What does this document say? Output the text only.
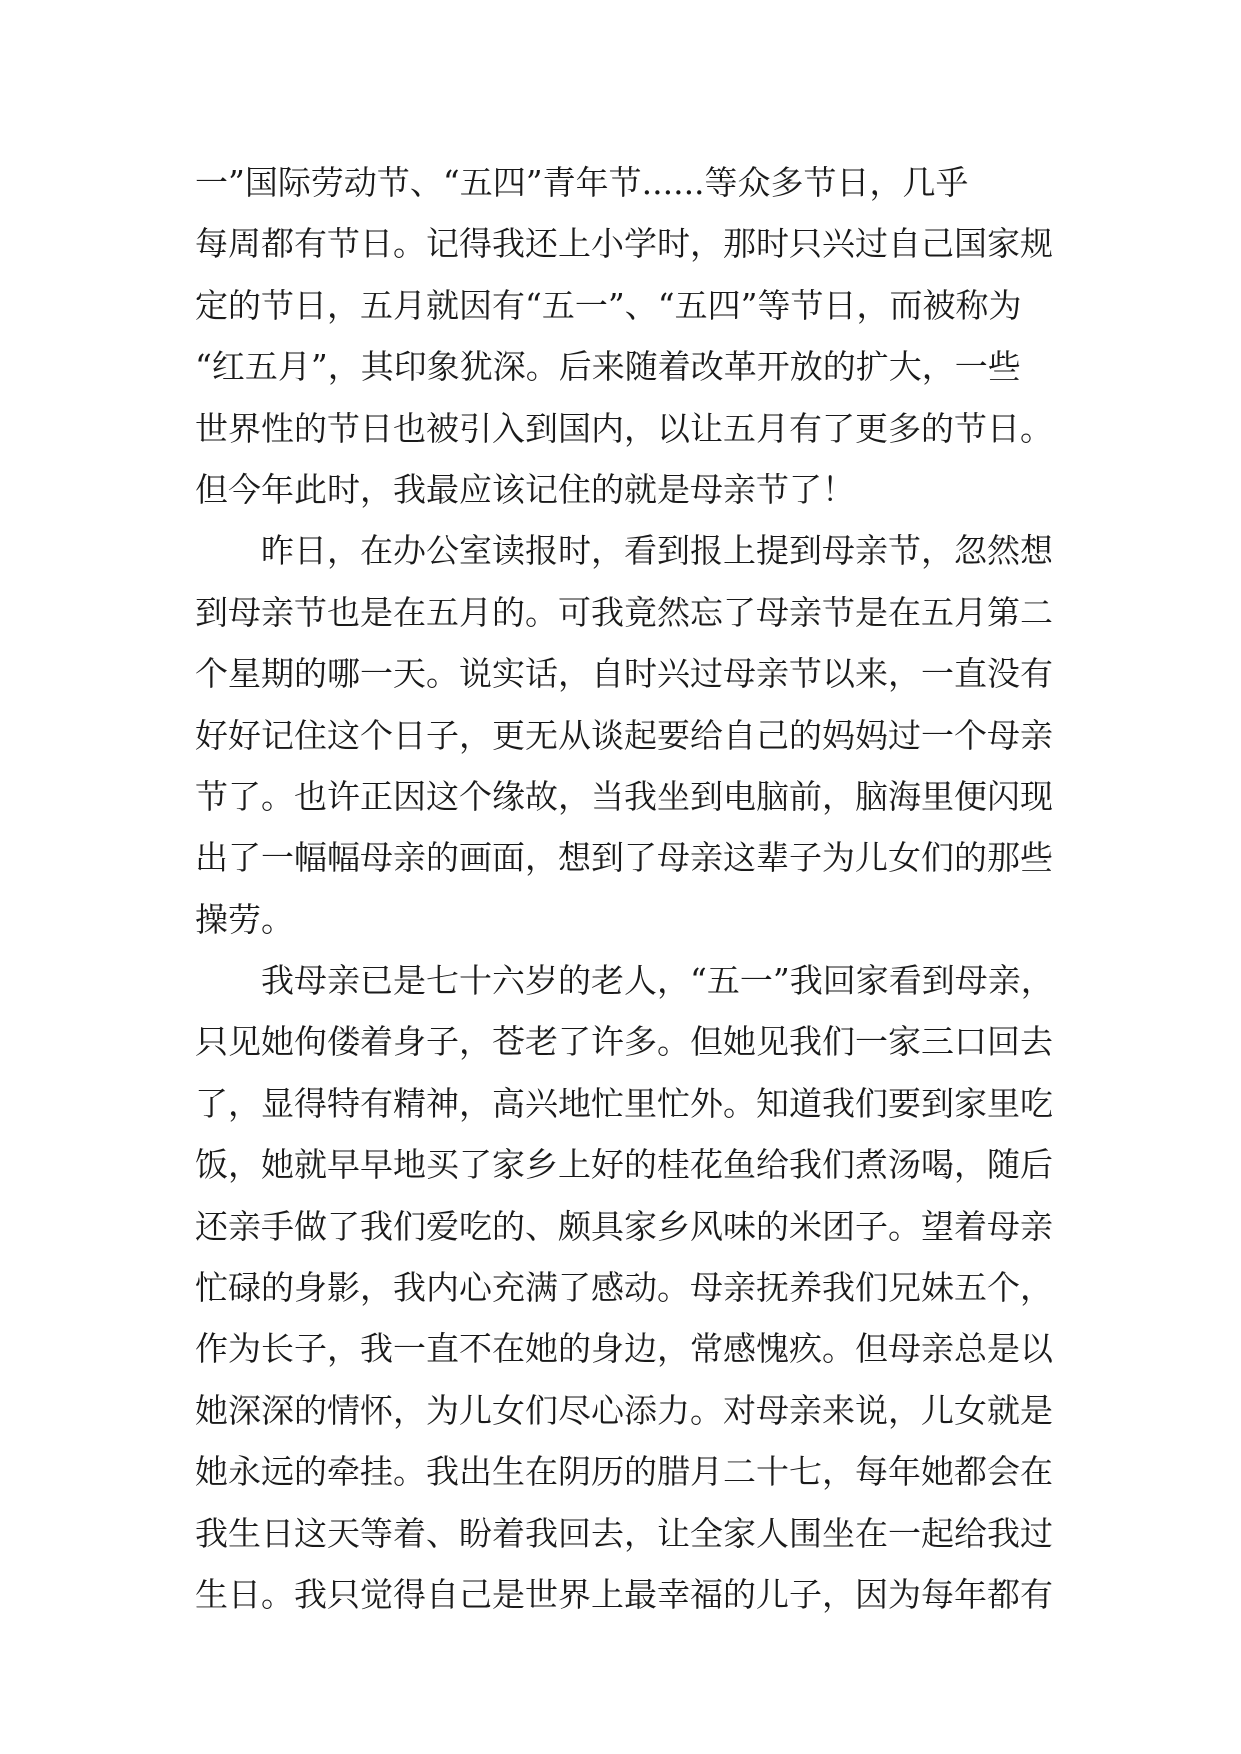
一”国际劳动节、“五四”青年节......等众多节日，几乎
每周都有节日。记得我还上小学时，那时只兴过自己国家规
定的节日，五月就因有“五一”、“五四”等节日，而被称为
“红五月”，其印象犹深。后来随着改革开放的扩大，一些
世界性的节日也被引入到国内，以让五月有了更多的节日。
但今年此时，我最应该记住的就是母亲节了！
昨日，在办公室读报时，看到报上提到母亲节，忽然想
到母亲节也是在五月的。可我竟然忘了母亲节是在五月第二
个星期的哪一天。说实话，自时兴过母亲节以来，一直没有
好好记住这个日子，更无从谈起要给自己的妈妈过一个母亲
节了。也许正因这个缘故，当我坐到电脑前，脑海里便闪现
出了一幅幅母亲的画面，想到了母亲这辈子为儿女们的那些
操劳。
我母亲已是七十六岁的老人，“五一”我回家看到母亲，
只见她佝偻着身子，苍老了许多。但她见我们一家三口回去
了，显得特有精神，高兴地忙里忙外。知道我们要到家里吃
饭，她就早早地买了家乡上好的桂花鱼给我们煮汤喝，随后
还亲手做了我们爱吃的、颇具家乡风味的米团子。望着母亲
忙碌的身影，我内心充满了感动。母亲抚养我们兄妹五个，
作为长子，我一直不在她的身边，常感愧疚。但母亲总是以
她深深的情怀，为儿女们尽心添力。对母亲来说，儿女就是
她永远的牵挂。我出生在阴历的腊月二十七，每年她都会在
我生日这天等着、盼着我回去，让全家人围坐在一起给我过
生日。我只觉得自己是世界上最幸福的儿子，因为每年都有
